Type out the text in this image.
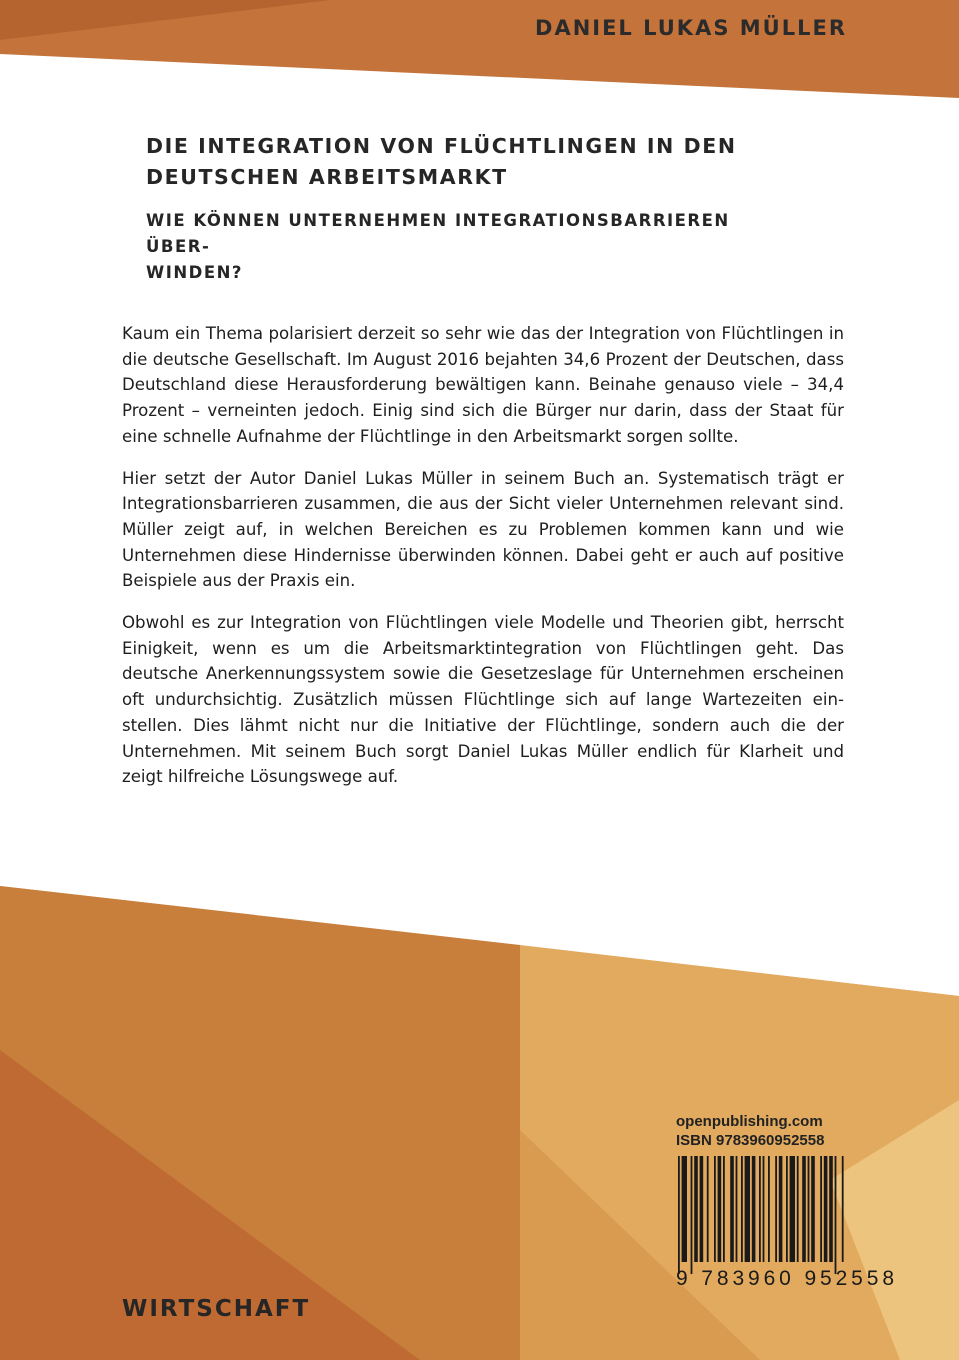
DANIEL LUKAS MÜLLER
DIE INTEGRATION VON FLÜCHTLINGEN IN DEN
DEUTSCHEN ARBEITSMARKT
WIE KÖNNEN UNTERNEHMEN INTEGRATIONSBARRIEREN ÜBER-
WINDEN?

Kaum ein Thema polarisiert derzeit so sehr wie das der Integration von Flüchtlingen in die deutsche Gesellschaft. Im August 2016 bejahten 34,6 Prozent der Deutschen, dass Deutschland diese Herausforderung bewältigen kann. Beinahe genauso viele – 34,4 Prozent – verneinten jedoch. Einig sind sich die Bürger nur darin, dass der Staat für eine schnelle Aufnahme der Flüchtlinge in den Arbeitsmarkt sorgen sollte.

Hier setzt der Autor Daniel Lukas Müller in seinem Buch an. Systematisch trägt er Integrationsbarrieren zusammen, die aus der Sicht vieler Unternehmen relevant sind. Müller zeigt auf, in welchen Bereichen es zu Problemen kommen kann und wie Unternehmen diese Hindernisse überwinden können. Dabei geht er auch auf positive Beispiele aus der Praxis ein.

Obwohl es zur Integration von Flüchtlingen viele Modelle und Theorien gibt, herrscht Einigkeit, wenn es um die Arbeitsmarktintegration von Flüchtlingen geht. Das deutsche Anerkennungssystem sowie die Gesetzeslage für Unternehmen erscheinen oft undurchsichtig. Zusätzlich müssen Flüchtlinge sich auf lange Wartezeiten einstellen. Dies lähmt nicht nur die Initiative der Flüchtlinge, sondern auch die der Unternehmen. Mit seinem Buch sorgt Daniel Lukas Müller endlich für Klarheit und zeigt hilfreiche Lösungswege auf.

openpublishing.com
ISBN 9783960952558
9 783960 952558
WIRTSCHAFT
